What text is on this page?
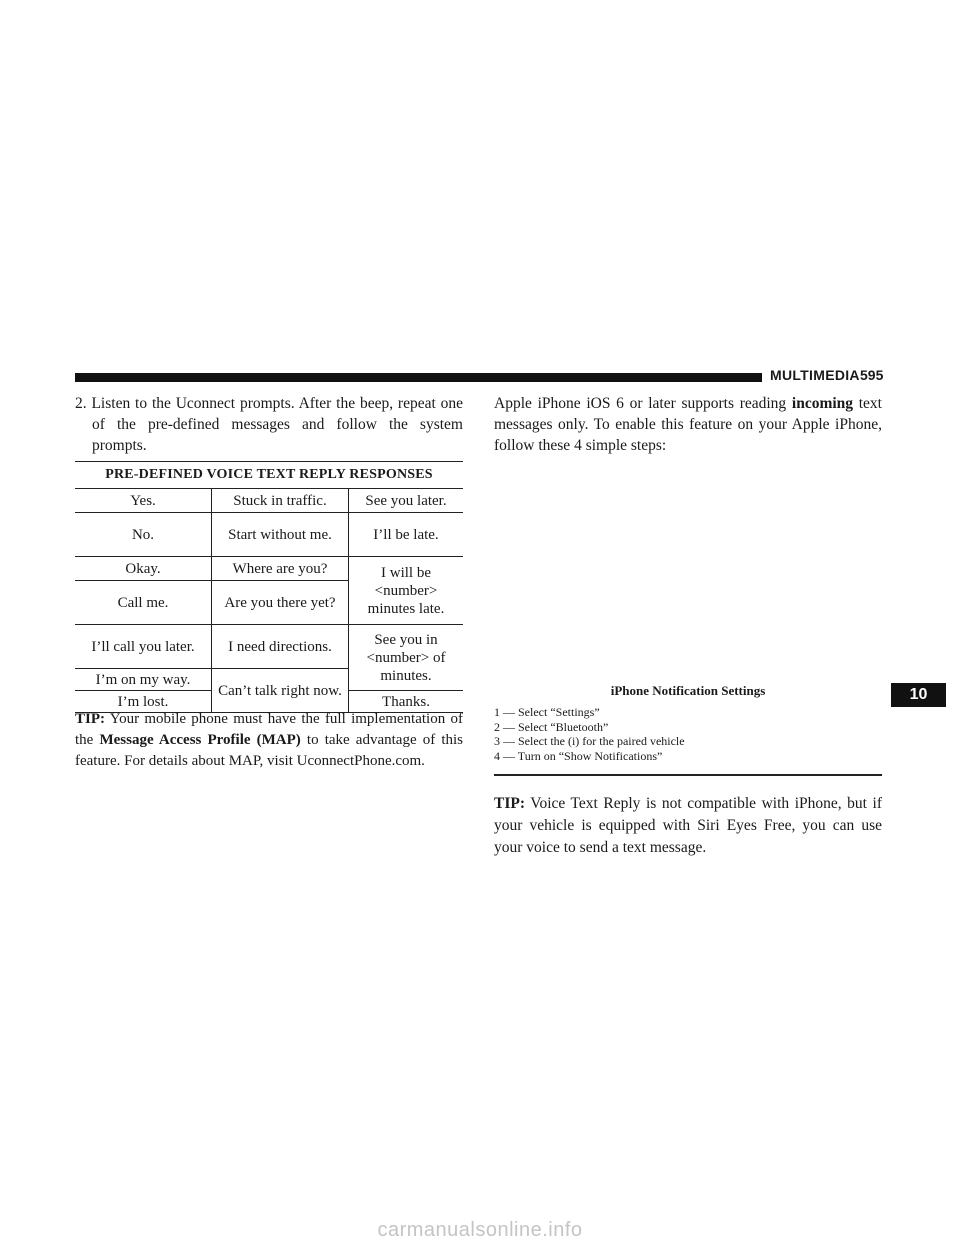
MULTIMEDIA 595
2. Listen to the Uconnect prompts. After the beep, repeat one of the pre-defined messages and follow the system prompts.
PRE-DEFINED VOICE TEXT REPLY RESPONSES		
Yes.	Stuck in traffic.	See you later.
No.	Start without me.	I’ll be late.
Okay.	Where are you?	I will be <number> minutes late.
Call me.	Are you there yet?	
I’ll call you later.	I need directions.	See you in <number> of minutes.
I’m on my way.	Can’t talk right now.	
I’m lost.		Thanks.
TIP: Your mobile phone must have the full implementation of the Message Access Profile (MAP) to take advantage of this feature. For details about MAP, visit UconnectPhone.com.
Apple iPhone iOS 6 or later supports reading incoming text messages only. To enable this feature on your Apple iPhone, follow these 4 simple steps:
iPhone Notification Settings
1 — Select “Settings”
2 — Select “Bluetooth”
3 — Select the (i) for the paired vehicle
4 — Turn on “Show Notifications”
TIP: Voice Text Reply is not compatible with iPhone, but if your vehicle is equipped with Siri Eyes Free, you can use your voice to send a text message.
10
carmanualsonline.info
